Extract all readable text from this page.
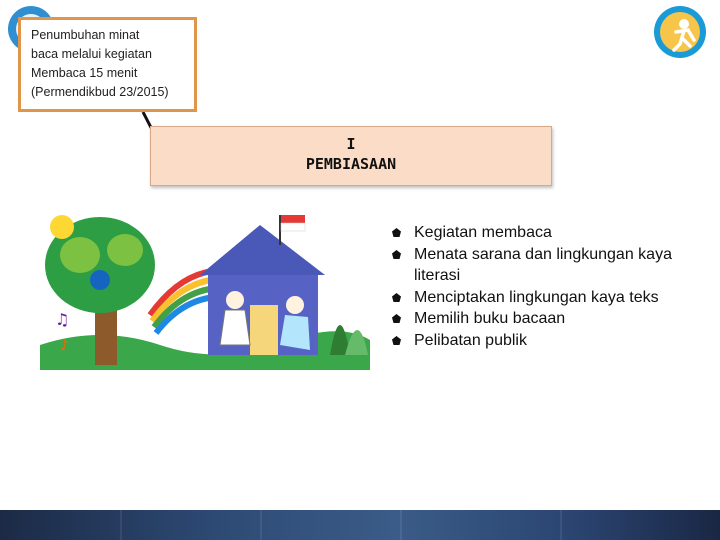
Penumbuhan minat
baca melalui kegiatan
Membaca 15 menit
(Permendikbud 23/2015)
I
PEMBIASAAN
♫
♪
Kegiatan membaca
Menata sarana dan lingkungan kaya literasi
Menciptakan lingkungan kaya teks
Memilih buku bacaan
Pelibatan publik
